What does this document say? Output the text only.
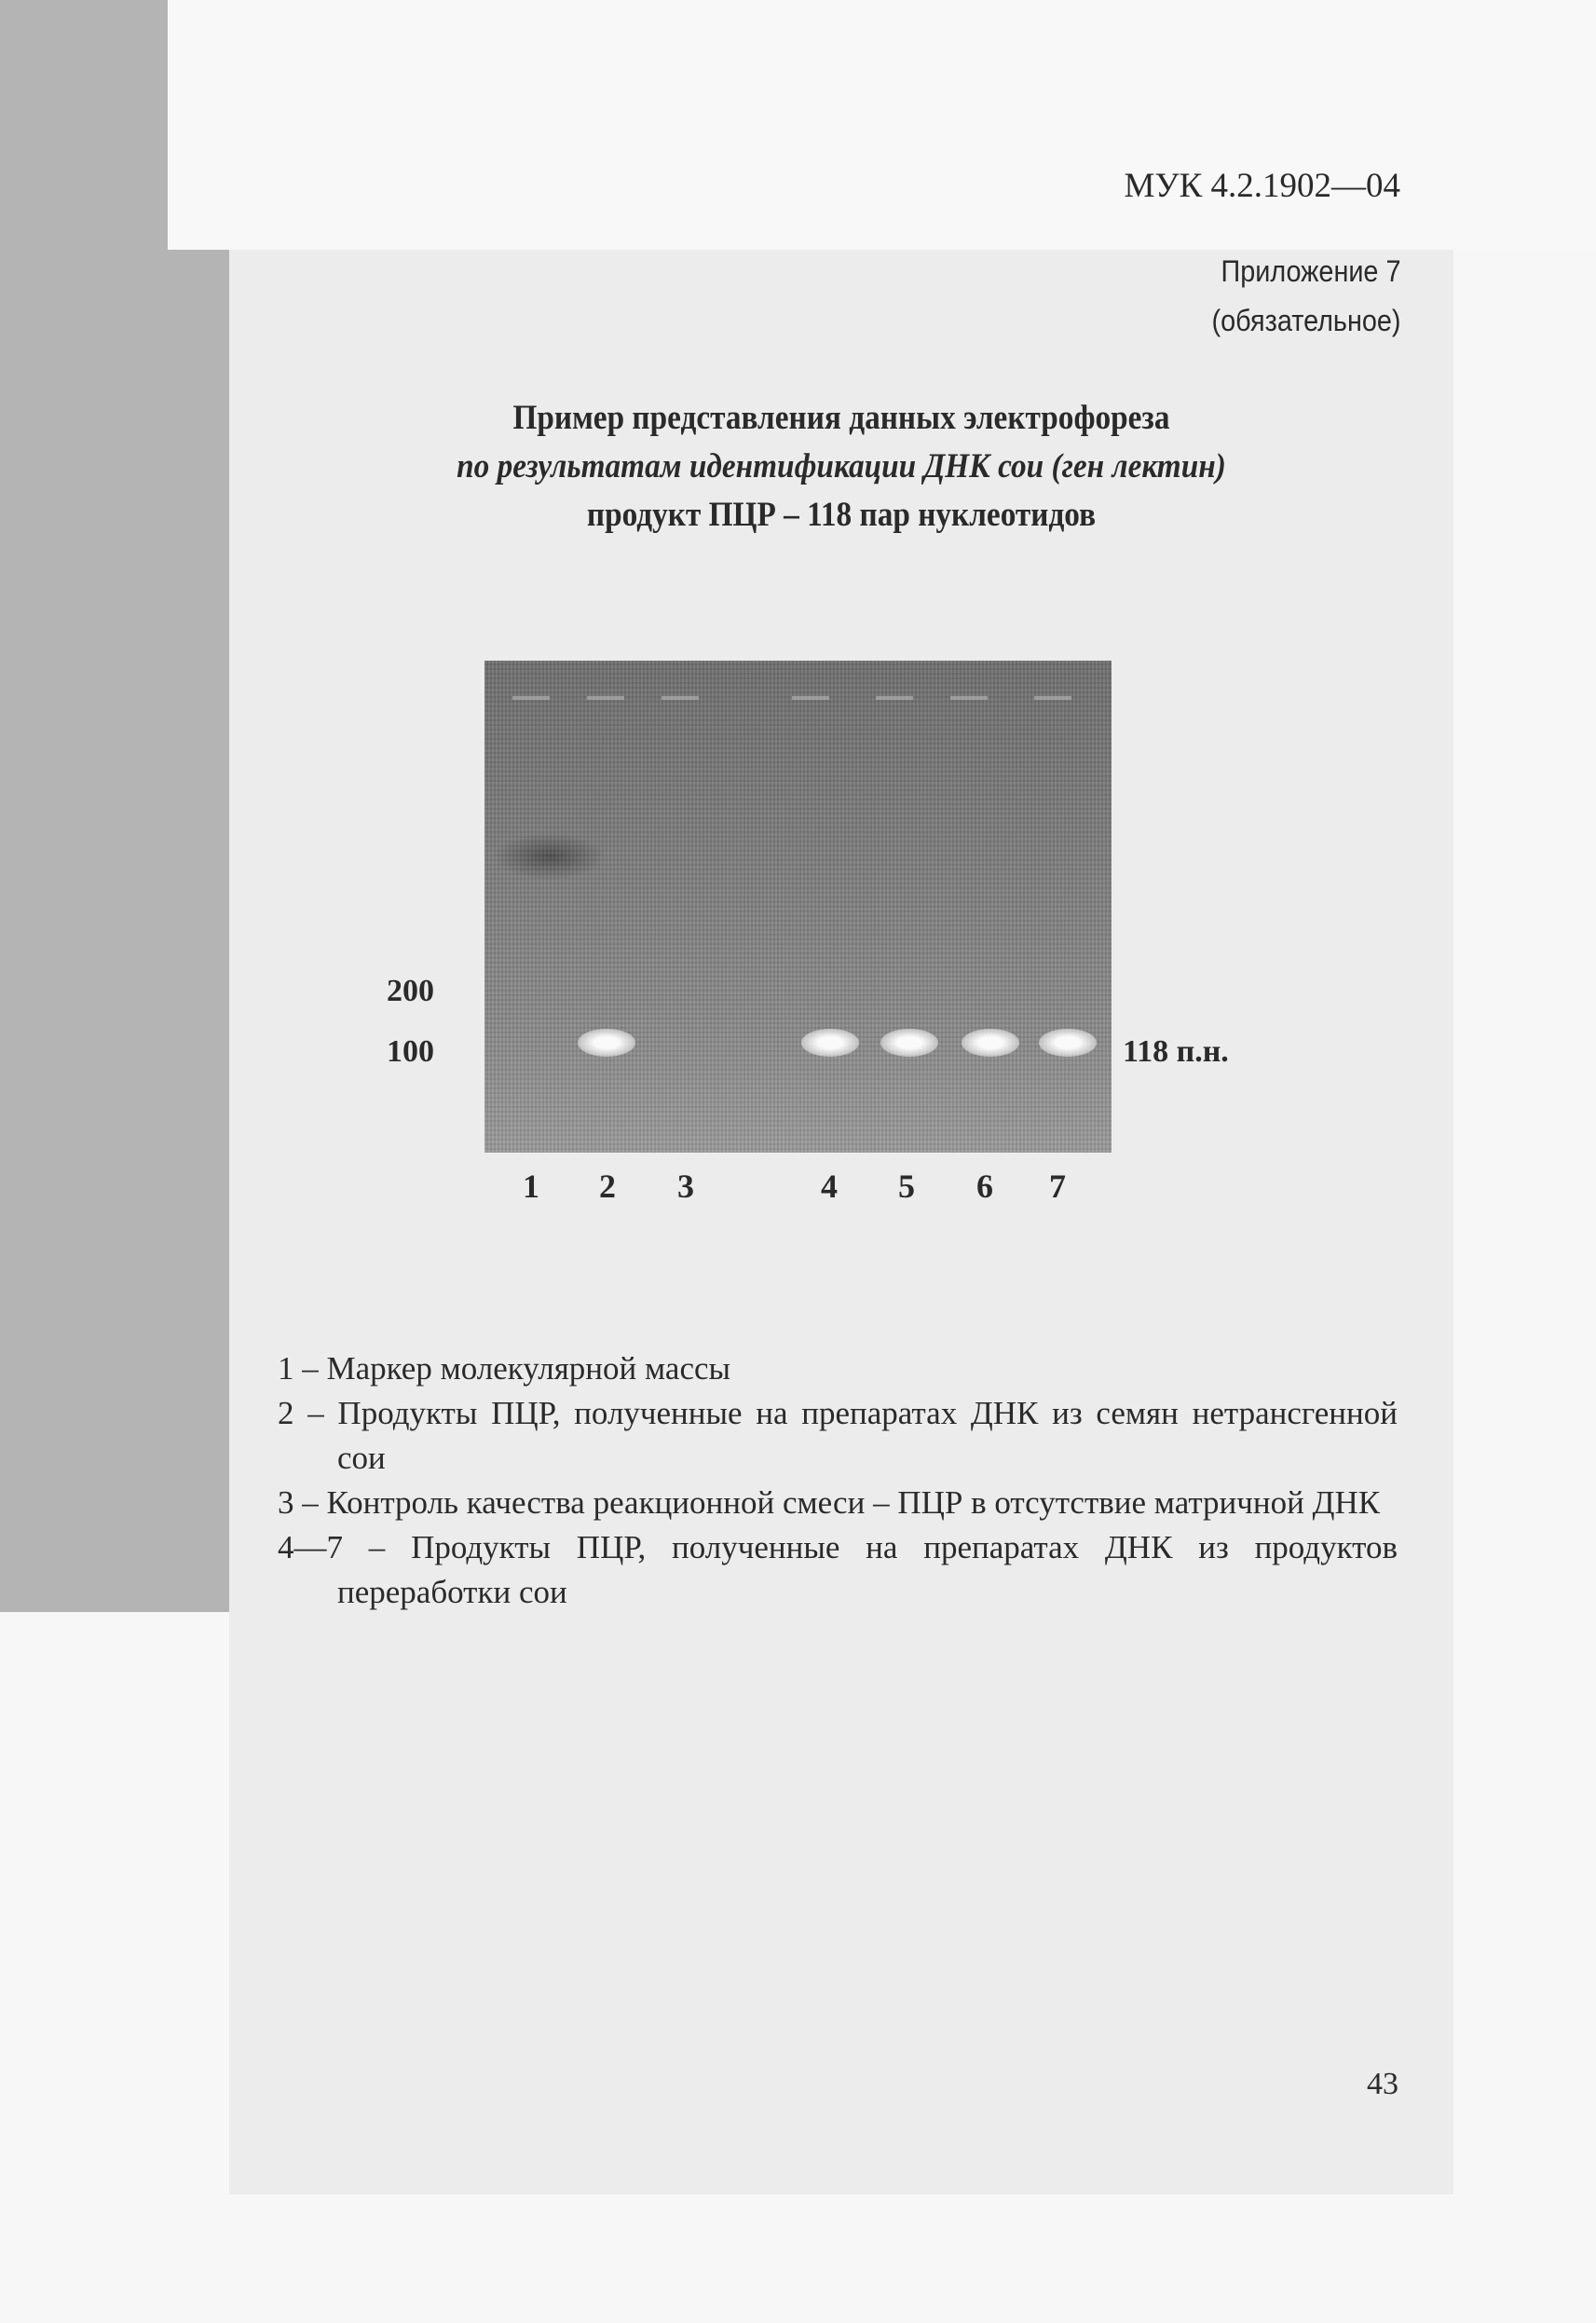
МУК 4.2.1902—04
Приложение 7
(обязательное)
Пример представления данных электрофореза
по результатам идентификации ДНК сои (ген лектин)
продукт ПЦР – 118 пар нуклеотидов
200
100	118 п.н.
1 2 3	4 5 6 7
1 – Маркер молекулярной массы
2 – Продукты ПЦР, полученные на препаратах ДНК из семян нетрансгенной сои
3 – Контроль качества реакционной смеси – ПЦР в отсутствие матричной ДНК
4—7 – Продукты ПЦР, полученные на препаратах ДНК из продуктов переработки сои
43
